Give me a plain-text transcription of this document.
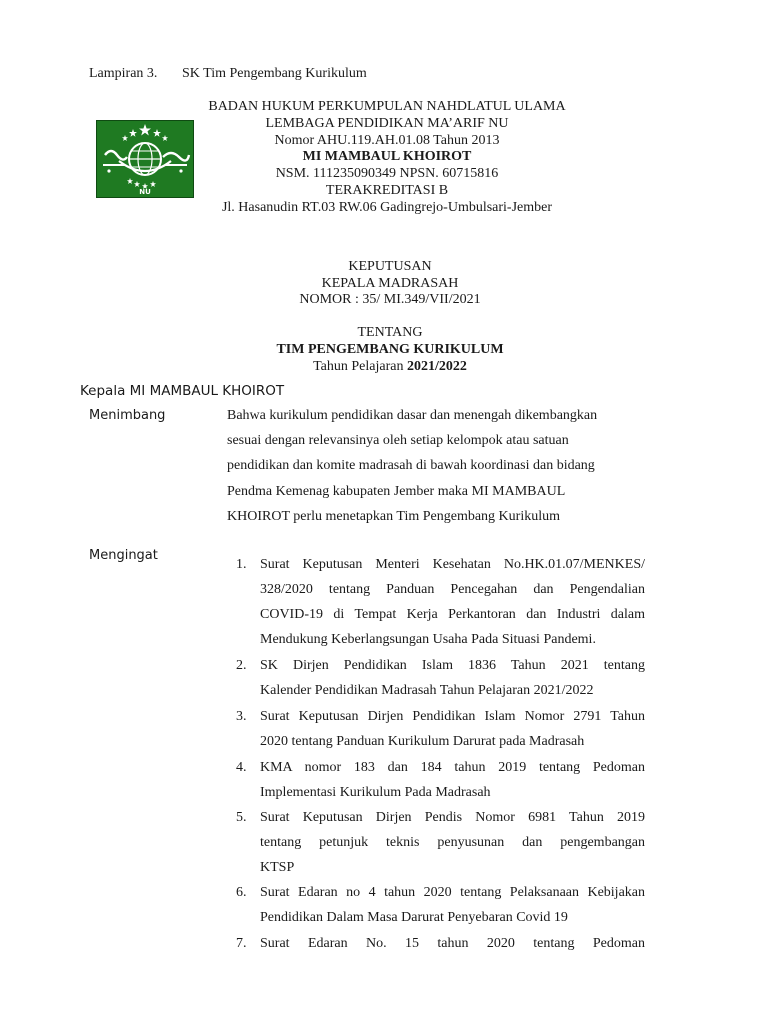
Lampiran 3. SK Tim Pengembang Kurikulum
NU
BADAN HUKUM PERKUMPULAN NAHDLATUL ULAMA
LEMBAGA PENDIDIKAN MA’ARIF NU
Nomor AHU.119.AH.01.08 Tahun 2013
MI MAMBAUL KHOIROT
NSM. 111235090349 NPSN. 60715816
TERAKREDITASI B
Jl. Hasanudin RT.03 RW.06 Gadingrejo-Umbulsari-Jember
KEPUTUSAN
KEPALA MADRASAH
NOMOR : 35/ MI.349/VII/2021
TENTANG
TIM PENGEMBANG KURIKULUM
Tahun Pelajaran 2021/2022
Kepala MI MAMBAUL KHOIROT
Menimbang	Bahwa kurikulum pendidikan dasar dan menengah dikembangkan
sesuai dengan relevansinya oleh setiap kelompok atau satuan
pendidikan dan komite madrasah di bawah koordinasi dan bidang
Pendma Kemenag kabupaten Jember maka MI MAMBAUL
KHOIROT perlu menetapkan Tim Pengembang Kurikulum
Mengingat
1. Surat Keputusan Menteri Kesehatan No.HK.01.07/MENKES/
328/2020 tentang Panduan Pencegahan dan Pengendalian
COVID-19 di Tempat Kerja Perkantoran dan Industri dalam
Mendukung Keberlangsungan Usaha Pada Situasi Pandemi.
2. SK Dirjen Pendidikan Islam 1836 Tahun 2021 tentang
Kalender Pendidikan Madrasah Tahun Pelajaran 2021/2022
3. Surat Keputusan Dirjen Pendidikan Islam Nomor 2791 Tahun
2020 tentang Panduan Kurikulum Darurat pada Madrasah
4. KMA nomor 183 dan 184 tahun 2019 tentang Pedoman
Implementasi Kurikulum Pada Madrasah
5. Surat Keputusan Dirjen Pendis Nomor 6981 Tahun 2019
tentang petunjuk teknis penyusunan dan pengembangan
KTSP
6. Surat Edaran no 4 tahun 2020 tentang Pelaksanaan Kebijakan
Pendidikan Dalam Masa Darurat Penyebaran Covid 19
7. Surat Edaran No. 15 tahun 2020 tentang Pedoman
